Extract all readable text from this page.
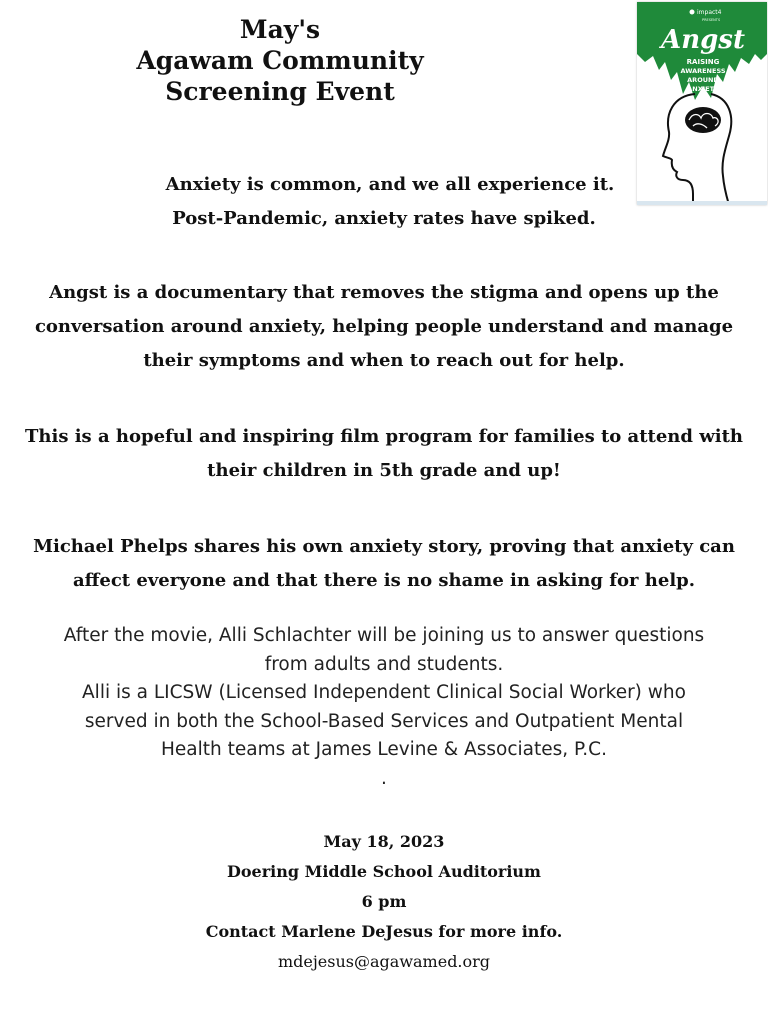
May's
Agawam Community
Screening Event
impact4
PRESENTS
Angst
RAISING
AWARENESS
AROUND
ANXIETY
Anxiety is common, and we all experience it.
Post-Pandemic, anxiety rates have spiked.
Angst is a documentary that removes the stigma and opens up the
conversation around anxiety, helping people understand and manage
their symptoms and when to reach out for help.
This is a hopeful and inspiring film program for families to attend with
their children in 5th grade and up!
Michael Phelps shares his own anxiety story, proving that anxiety can
affect everyone and that there is no shame in asking for help.
After the movie, Alli Schlachter will be joining us to answer questions
from adults and students.
Alli is a LICSW (Licensed Independent Clinical Social Worker) who
served in both the School-Based Services and Outpatient Mental
Health teams at James Levine & Associates, P.C.
.
May 18, 2023
Doering Middle School Auditorium
6 pm
Contact Marlene DeJesus for more info.
mdejesus@agawamed.org
